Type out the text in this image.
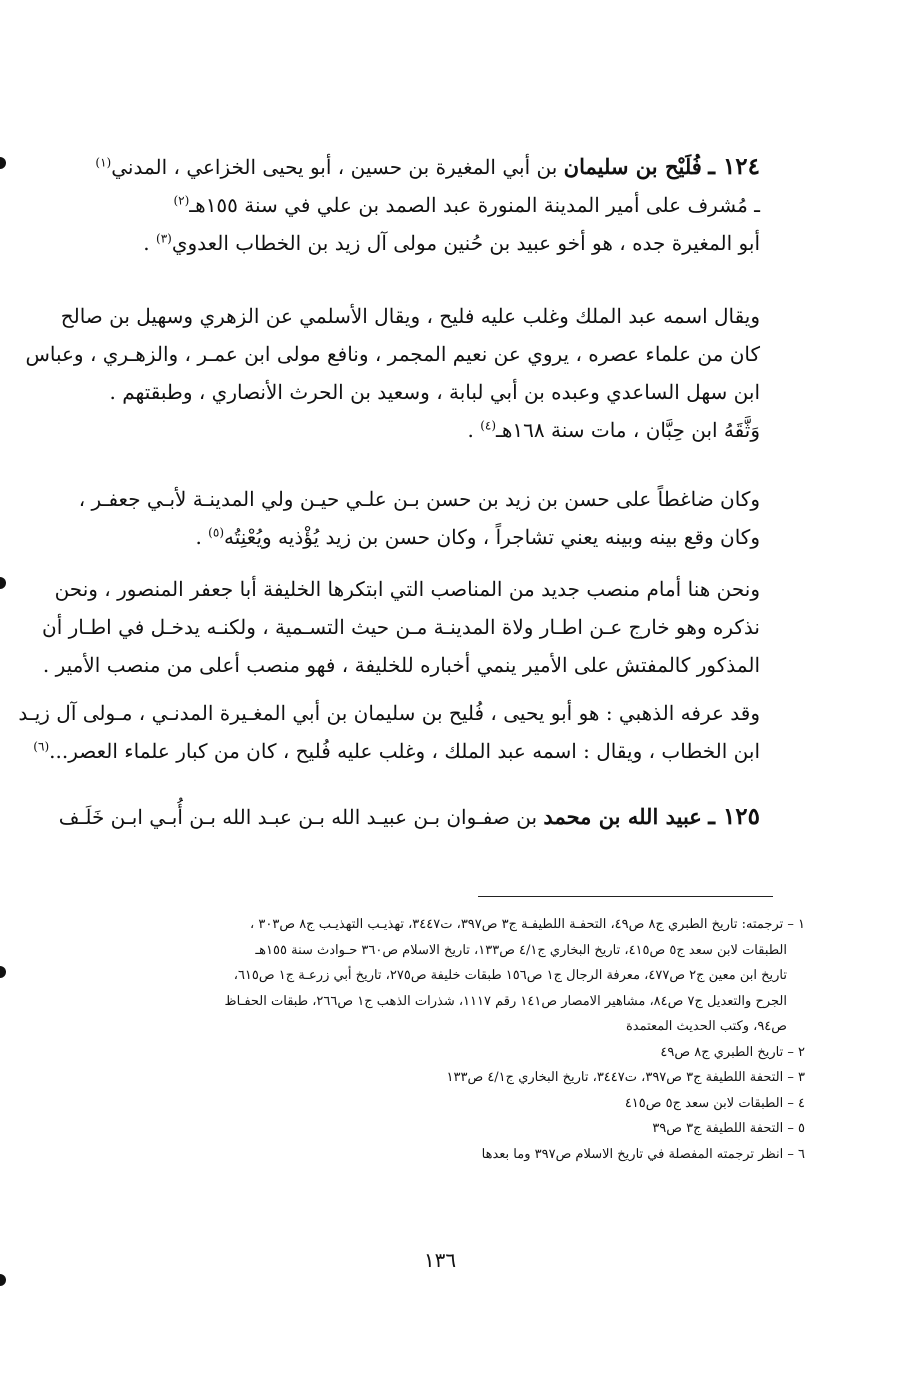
١٢٤ ـ فُلَيْح بن سليمان بن أبي المغيرة بن حسين ، أبو يحيى الخزاعي ، المدني$^{(١)}$
ـ مُشرف على أمير المدينة المنورة عبد الصمد بن علي في سنة ١٥٥هـ$^{(٢)}$
أبو المغيرة جده ، هو أخو عبيد بن حُنين مولى آل زيد بن الخطاب العدوي$^{(٣)}$ .
ويقال اسمه عبد الملك وغلب عليه فليح ، ويقال الأسلمي عن الزهري وسهيل بن صالح
كان من علماء عصره ، يروي عن نعيم المجمر ، ونافع مولى ابن عمـر ، والزهـري ، وعباس
ابن سهل الساعدي وعبده بن أبي لبابة ، وسعيد بن الحرث الأنصاري ، وطبقتهم .
وَثَّقَهُ ابن حِبَّان ، مات سنة ١٦٨هـ$^{(٤)}$ .
وكان ضاغطاً على حسن بن زيد بن حسن بـن علـي حيـن ولي المدينـة لأبـي جعفـر ،
وكان وقع بينه وبينه يعني تشاجراً ، وكان حسن بن زيد يُؤْذيه ويُعْنِتُه$^{(٥)}$ .
ونحن هنا أمام منصب جديد من المناصب التي ابتكرها الخليفة أبا جعفر المنصور ، ونحن
نذكره وهو خارج عـن اطـار ولاة المدينـة مـن حيث التسـمية ، ولكنـه يدخـل في اطـار أن
المذكور كالمفتش على الأمير ينمي أخباره للخليفة ، فهو منصب أعلى من منصب الأمير .
وقد عرفه الذهبي : هو أبو يحيى ، فُليح بن سليمان بن أبي المغـيرة المدنـي ، مـولى آل زيـد
ابن الخطاب ، ويقال : اسمه عبد الملك ، وغلب عليه فُليح ، كان من كبار علماء العصر...$^{(٦)}$
١٢٥ ـ عبيد الله بن محمد بن صفـوان بـن عبيـد الله بـن عبـد الله بـن أُبـي ابـن خَلَـف
١ – ترجمته: تاريخ الطبري ج٨ ص٤٩، التحفـة اللطيفـة ج٣ ص٣٩٧، ت٣٤٤٧، تهذيـب التهذيـب ج٨ ص٣٠٣ ،
الطبقات لابن سعد ج٥ ص٤١٥، تاريخ البخاري ج٤/١ ص١٣٣، تاريخ الاسلام ص٣٦٠ حـوادث سنة ١٥٥هـ
تاريخ ابن معين ج٢ ص٤٧٧، معرفة الرجال ج١ ص١٥٦ طبقات خليفة ص٢٧٥، تاريخ أبي زرعـة ج١ ص٦١٥،
الجرح والتعديل ج٧ ص٨٤، مشاهير الامصار ص١٤١ رقم ١١١٧، شذرات الذهب ج١ ص٢٦٦، طبقات الحفـاظ
ص٩٤، وكتب الحديث المعتمدة
٢ – تاريخ الطبري ج٨ ص٤٩
٣ – التحفة اللطيفة ج٣ ص٣٩٧، ت٣٤٤٧، تاريخ البخاري ج٤/١ ص١٣٣
٤ – الطبقات لابن سعد ج٥ ص٤١٥
٥ – التحفة اللطيفة ج٣ ص٣٩
٦ – انظر ترجمته المفصلة في تاريخ الاسلام ص٣٩٧ وما بعدها
١٣٦
